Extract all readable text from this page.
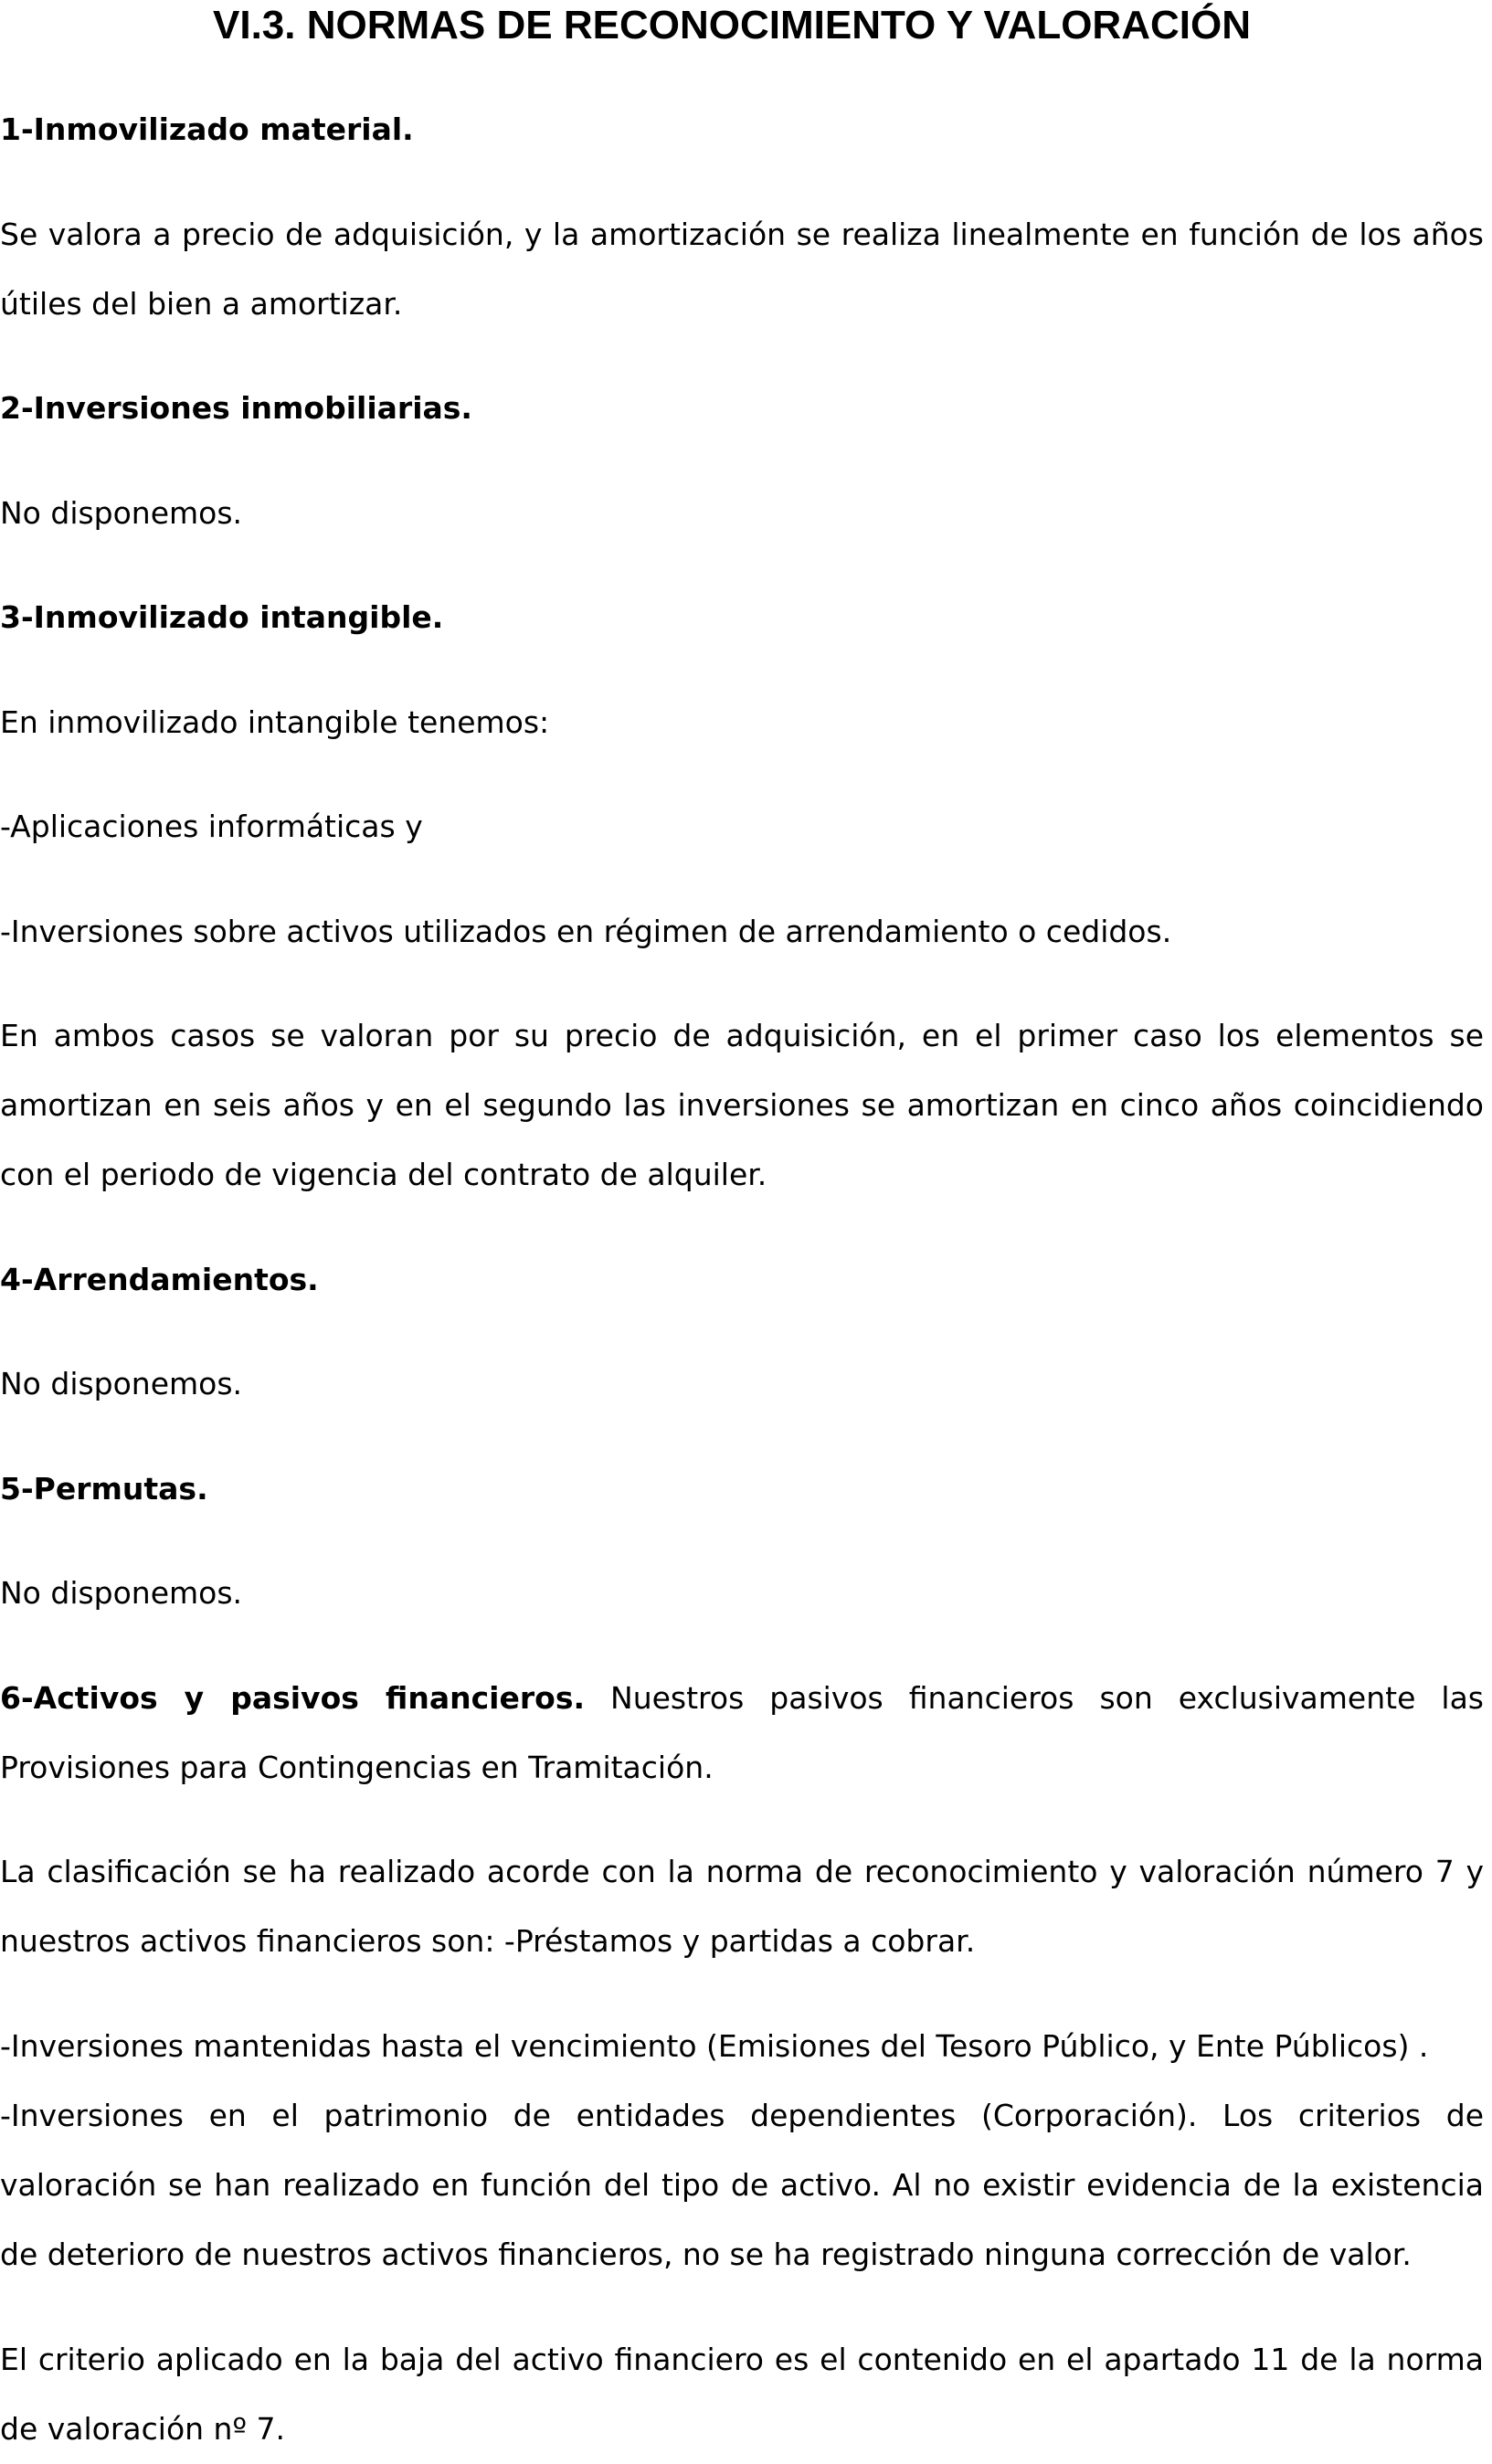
VI.3. NORMAS DE RECONOCIMIENTO Y VALORACIÓN

1-Inmovilizado material.

Se valora a precio de adquisición, y la amortización se realiza linealmente en función de los años útiles del bien a amortizar.

2-Inversiones inmobiliarias.

No disponemos.

3-Inmovilizado intangible.

En inmovilizado intangible tenemos:

-Aplicaciones informáticas y

-Inversiones sobre activos utilizados en régimen de arrendamiento o cedidos.

En ambos casos se valoran por su precio de adquisición, en el primer caso los elementos se amortizan en seis años y en el segundo las inversiones se amortizan en cinco años coincidiendo con el periodo de vigencia del contrato de alquiler.

4-Arrendamientos.

No disponemos.

5-Permutas.

No disponemos.

6-Activos y pasivos financieros. Nuestros pasivos financieros son exclusivamente las Provisiones para Contingencias en Tramitación.

La clasificación se ha realizado acorde con la norma de reconocimiento y valoración número 7 y nuestros activos financieros son: -Préstamos y partidas a cobrar.

-Inversiones mantenidas hasta el vencimiento (Emisiones del Tesoro Público, y Ente Públicos) .

-Inversiones en el patrimonio de entidades dependientes (Corporación). Los criterios de valoración se han realizado en función del tipo de activo. Al no existir evidencia de la existencia de deterioro de nuestros activos financieros, no se ha registrado ninguna corrección de valor.

El criterio aplicado en la baja del activo financiero es el contenido en el apartado 11 de la norma de valoración nº 7.
